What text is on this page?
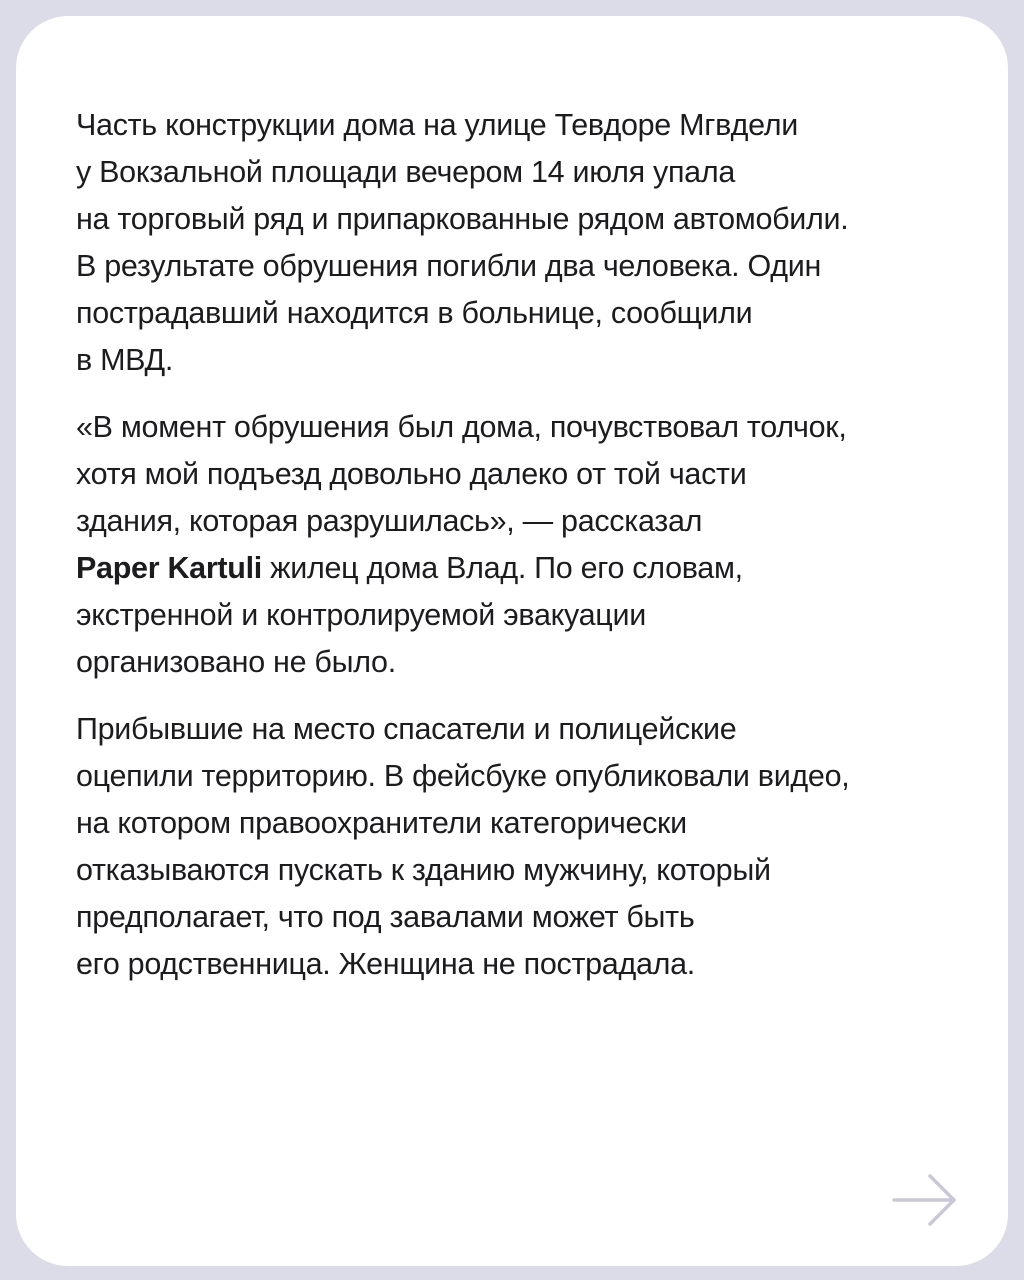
Часть конструкции дома на улице Тевдоре Мгвдели
у Вокзальной площади вечером 14 июля упала
на торговый ряд и припаркованные рядом автомобили.
В результате обрушения погибли два человека. Один
пострадавший находится в больнице, сообщили
в МВД.

«В момент обрушения был дома, почувствовал толчок,
хотя мой подъезд довольно далеко от той части
здания, которая разрушилась», — рассказал
Paper Kartuli жилец дома Влад. По его словам,
экстренной и контролируемой эвакуации
организовано не было.

Прибывшие на место спасатели и полицейские
оцепили территорию. В фейсбуке опубликовали видео,
на котором правоохранители категорически
отказываются пускать к зданию мужчину, который
предполагает, что под завалами может быть
его родственница. Женщина не пострадала.
